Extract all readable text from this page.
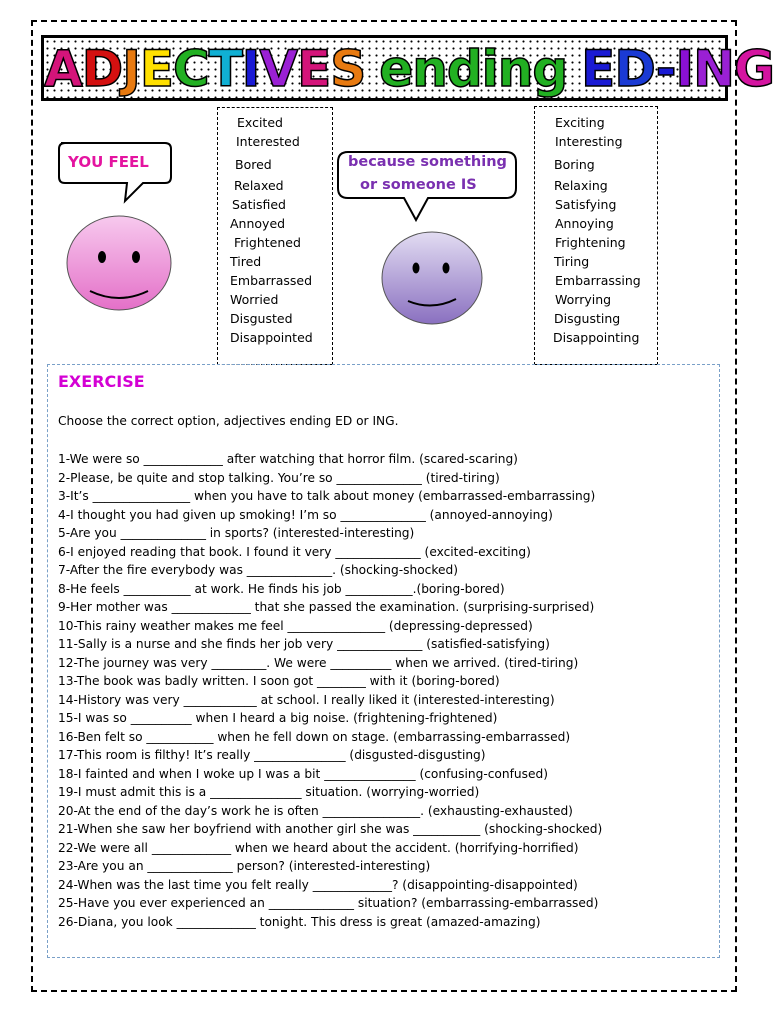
ADJECTIVES ending ED-ING
YOU FEEL
Excited
Interested
Bored
Relaxed
Satisfied
Annoyed
Frightened
Tired
Embarrassed
Worried
Disgusted
Disappointed
because something
or someone IS
Exciting
Interesting
Boring
Relaxing
Satisfying
Annoying
Frightening
Tiring
Embarrassing
Worrying
Disgusting
Disappointing
EXERCISE
Choose the correct option, adjectives ending ED or ING.
1-We were so _____________ after watching that horror film. (scared-scaring)
2-Please, be quite and stop talking. You’re so ______________ (tired-tiring)
3-It’s ________________ when you have to talk about money (embarrassed-embarrassing)
4-I thought you had given up smoking! I’m so ______________ (annoyed-annoying)
5-Are you ______________ in sports? (interested-interesting)
6-I enjoyed reading that book. I found it very ______________ (excited-exciting)
7-After the fire everybody was ______________. (shocking-shocked)
8-He feels ___________ at work. He finds his job ___________.(boring-bored)
9-Her mother was _____________ that she passed the examination. (surprising-surprised)
10-This rainy weather makes me feel ________________ (depressing-depressed)
11-Sally is a nurse and she finds her job very ______________ (satisfied-satisfying)
12-The journey was very _________. We were __________ when we arrived. (tired-tiring)
13-The book was badly written. I soon got ________ with it (boring-bored)
14-History was very ____________ at school. I really liked it (interested-interesting)
15-I was so __________ when I heard a big noise. (frightening-frightened)
16-Ben felt so ___________ when he fell down on stage. (embarrassing-embarrassed)
17-This room is filthy! It’s really _______________ (disgusted-disgusting)
18-I fainted and when I woke up I was a bit _______________ (confusing-confused)
19-I must admit this is a _______________ situation. (worrying-worried)
20-At the end of the day’s work he is often ________________. (exhausting-exhausted)
21-When she saw her boyfriend with another girl she was ___________ (shocking-shocked)
22-We were all _____________ when we heard about the accident. (horrifying-horrified)
23-Are you an ______________ person? (interested-interesting)
24-When was the last time you felt really _____________? (disappointing-disappointed)
25-Have you ever experienced an ______________ situation? (embarrassing-embarrassed)
26-Diana, you look _____________ tonight. This dress is great (amazed-amazing)
